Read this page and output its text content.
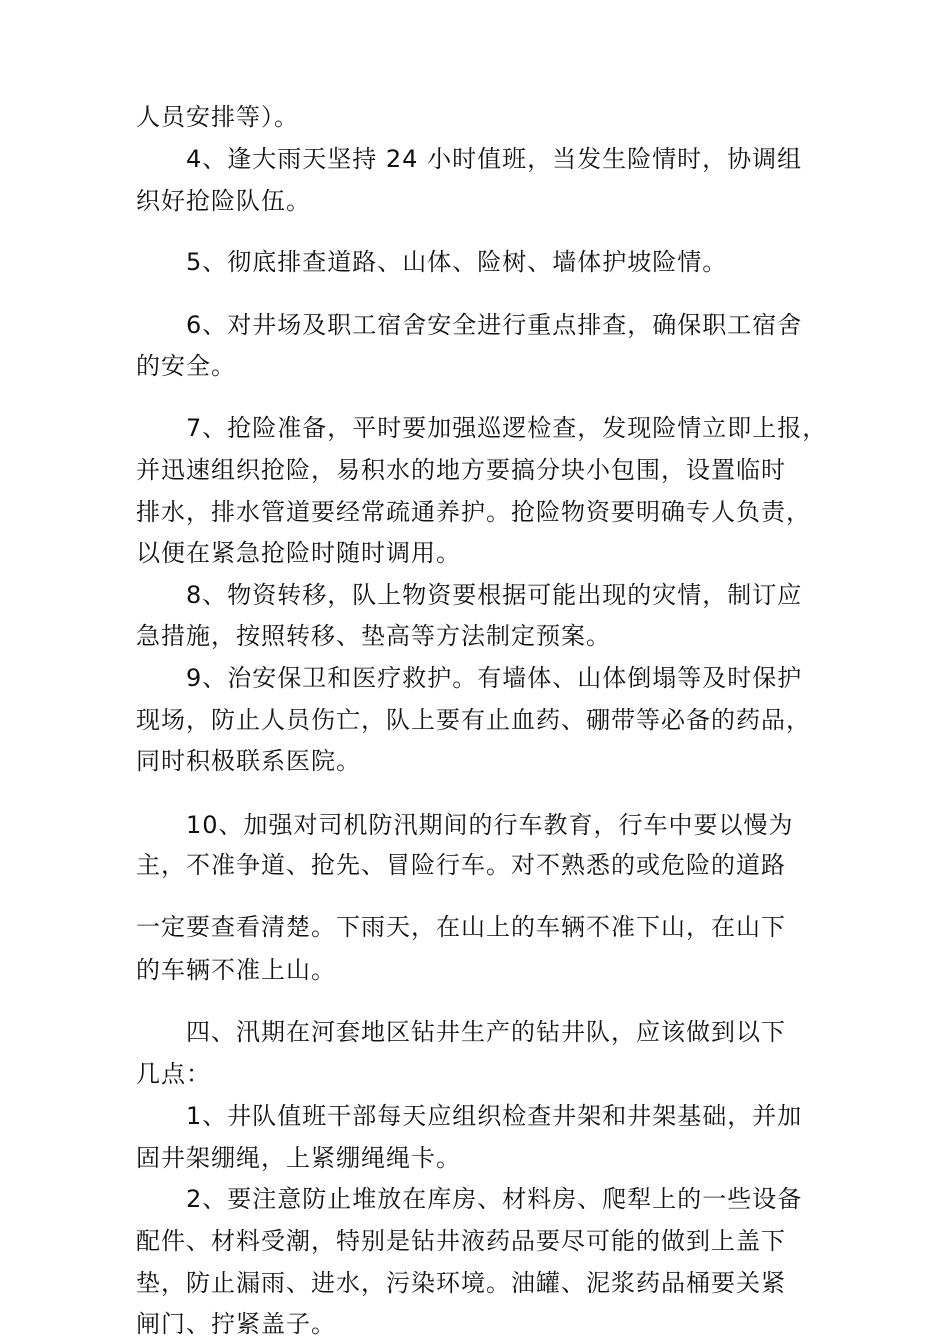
人员安排等）。
4、逢大雨天坚持 24 小时值班，当发生险情时，协调组
织好抢险队伍。
5、彻底排查道路、山体、险树、墙体护坡险情。
6、对井场及职工宿舍安全进行重点排查，确保职工宿舍
的安全。
7、抢险准备，平时要加强巡逻检查，发现险情立即上报，
并迅速组织抢险，易积水的地方要搞分块小包围，设置临时
排水，排水管道要经常疏通养护。抢险物资要明确专人负责，
以便在紧急抢险时随时调用。
8、物资转移，队上物资要根据可能出现的灾情，制订应
急措施，按照转移、垫高等方法制定预案。
9、治安保卫和医疗救护。有墙体、山体倒塌等及时保护
现场，防止人员伤亡，队上要有止血药、硼带等必备的药品，
同时积极联系医院。
10、加强对司机防汛期间的行车教育，行车中要以慢为
主，不准争道、抢先、冒险行车。对不熟悉的或危险的道路
一定要查看清楚。下雨天，在山上的车辆不准下山，在山下
的车辆不准上山。
四、汛期在河套地区钻井生产的钻井队，应该做到以下
几点：
1、井队值班干部每天应组织检查井架和井架基础，并加
固井架绷绳，上紧绷绳绳卡。
2、要注意防止堆放在库房、材料房、爬犁上的一些设备
配件、材料受潮，特别是钻井液药品要尽可能的做到上盖下
垫，防止漏雨、进水，污染环境。油罐、泥浆药品桶要关紧
闸门、拧紧盖子。
